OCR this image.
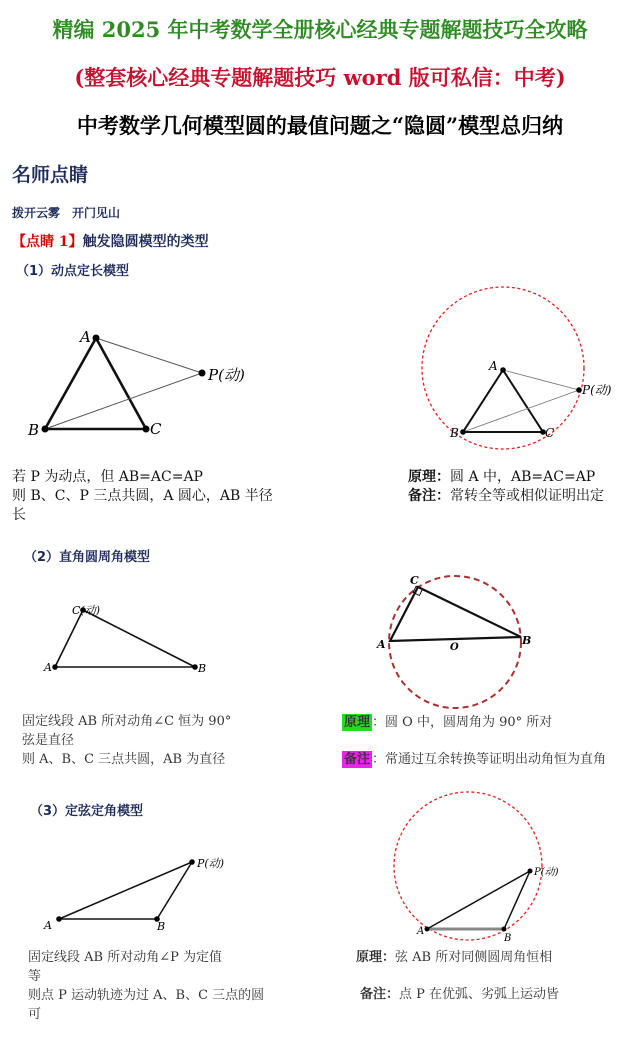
精编 2025 年中考数学全册核心经典专题解题技巧全攻略
(整套核心经典专题解题技巧 word 版可私信：中考)
中考数学几何模型圆的最值问题之“隐圆”模型总归纳
名师点睛
拨开云雾　开门见山
【点睛 1】触发隐圆模型的类型
（1）动点定长模型
A
B	C
P(动)	A
B	C
P(动)
若 P 为动点，但 AB=AC=AP
则 B、C、P 三点共圆，A 圆心，AB 半径
长
原理：圆 A 中，AB=AC=AP
备注：常转全等或相似证明出定
（2）直角圆周角模型
C(动)
A	B
C
A	B
O
固定线段 AB 所对动角∠C 恒为 90°
弦是直径
则 A、B、C 三点共圆，AB 为直径
原理 ：圆 O 中，圆周角为 90° 所对
备注 ：常通过互余转换等证明出动角恒为直角
（3）定弦定角模型
A	B
P(动)
A
B
P(动)
固定线段 AB 所对动角∠P 为定值
等
则点 P 运动轨迹为过 A、B、C 三点的圆
可
原理：弦 AB 所对同侧圆周角恒相
备注：点 P 在优弧、劣弧上运动皆
